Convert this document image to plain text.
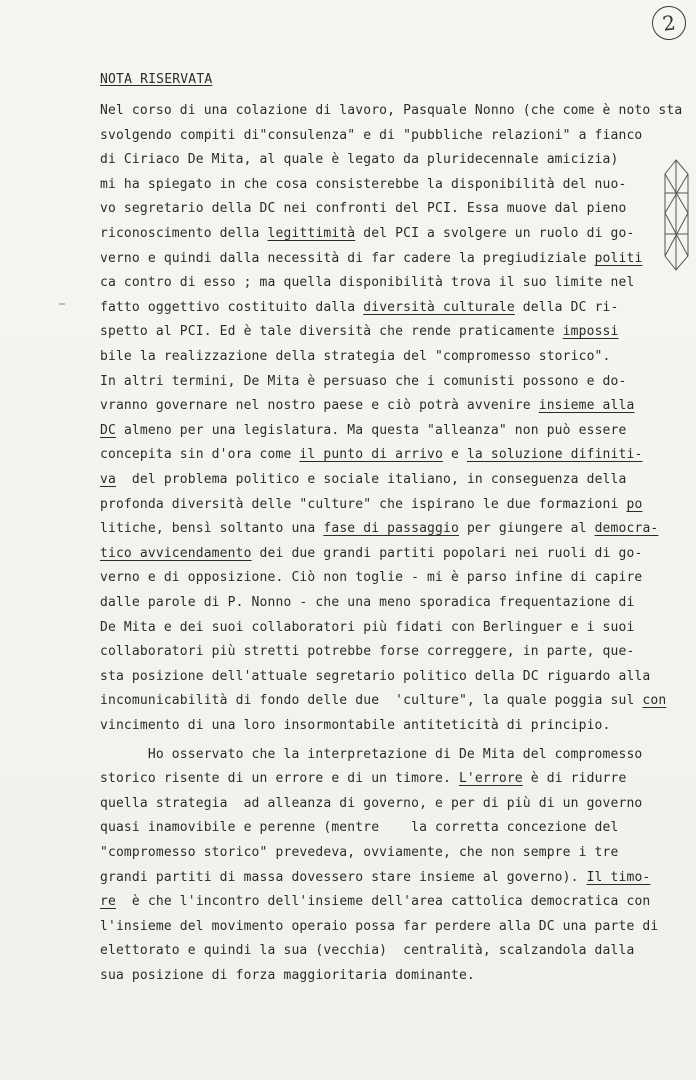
2
NOTA RISERVATA
Nel corso di una colazione di lavoro, Pasquale Nonno (che come è noto sta
svolgendo compiti di"consulenza" e di "pubbliche relazioni" a fianco
di Ciriaco De Mita, al quale è legato da pluridecennale amicizia)
mi ha spiegato in che cosa consisterebbe la disponibilità del nuo-
vo segretario della DC nei confronti del PCI. Essa muove dal pieno
riconoscimento della legittimità del PCI a svolgere un ruolo di go-
verno e quindi dalla necessità di far cadere la pregiudiziale politi
ca contro di esso ; ma quella disponibilità trova il suo limite nel
fatto oggettivo costituito dalla diversità culturale della DC ri-
spetto al PCI. Ed è tale diversità che rende praticamente impossi
bile la realizzazione della strategia del "compromesso storico".
In altri termini, De Mita è persuaso che i comunisti possono e do-
vranno governare nel nostro paese e ciò potrà avvenire insieme alla
DC almeno per una legislatura. Ma questa "alleanza" non può essere
concepita sin d'ora come il punto di arrivo e la soluzione difiniti-
va  del problema politico e sociale italiano, in conseguenza della
profonda diversità delle "culture" che ispirano le due formazioni po
litiche, bensì soltanto una fase di passaggio per giungere al democra-
tico avvicendamento dei due grandi partiti popolari nei ruoli di go-
verno e di opposizione. Ciò non toglie - mi è parso infine di capire
dalle parole di P. Nonno - che una meno sporadica frequentazione di
De Mita e dei suoi collaboratori più fidati con Berlinguer e i suoi
collaboratori più stretti potrebbe forse correggere, in parte, que-
sta posizione dell'attuale segretario politico della DC riguardo alla
incomunicabilità di fondo delle due  'culture", la quale poggia sul con
vincimento di una loro insormontabile antiteticità di principio.
Ho osservato che la interpretazione di De Mita del compromesso
storico risente di un errore e di un timore. L'errore è di ridurre
quella strategia  ad alleanza di governo, e per di più di un governo
quasi inamovibile e perenne (mentre    la corretta concezione del
"compromesso storico" prevedeva, ovviamente, che non sempre i tre
grandi partiti di massa dovessero stare insieme al governo). Il timo-
re  è che l'incontro dell'insieme dell'area cattolica democratica con
l'insieme del movimento operaio possa far perdere alla DC una parte di
elettorato e quindi la sua (vecchia)  centralità, scalzandola dalla
sua posizione di forza maggioritaria dominante.
